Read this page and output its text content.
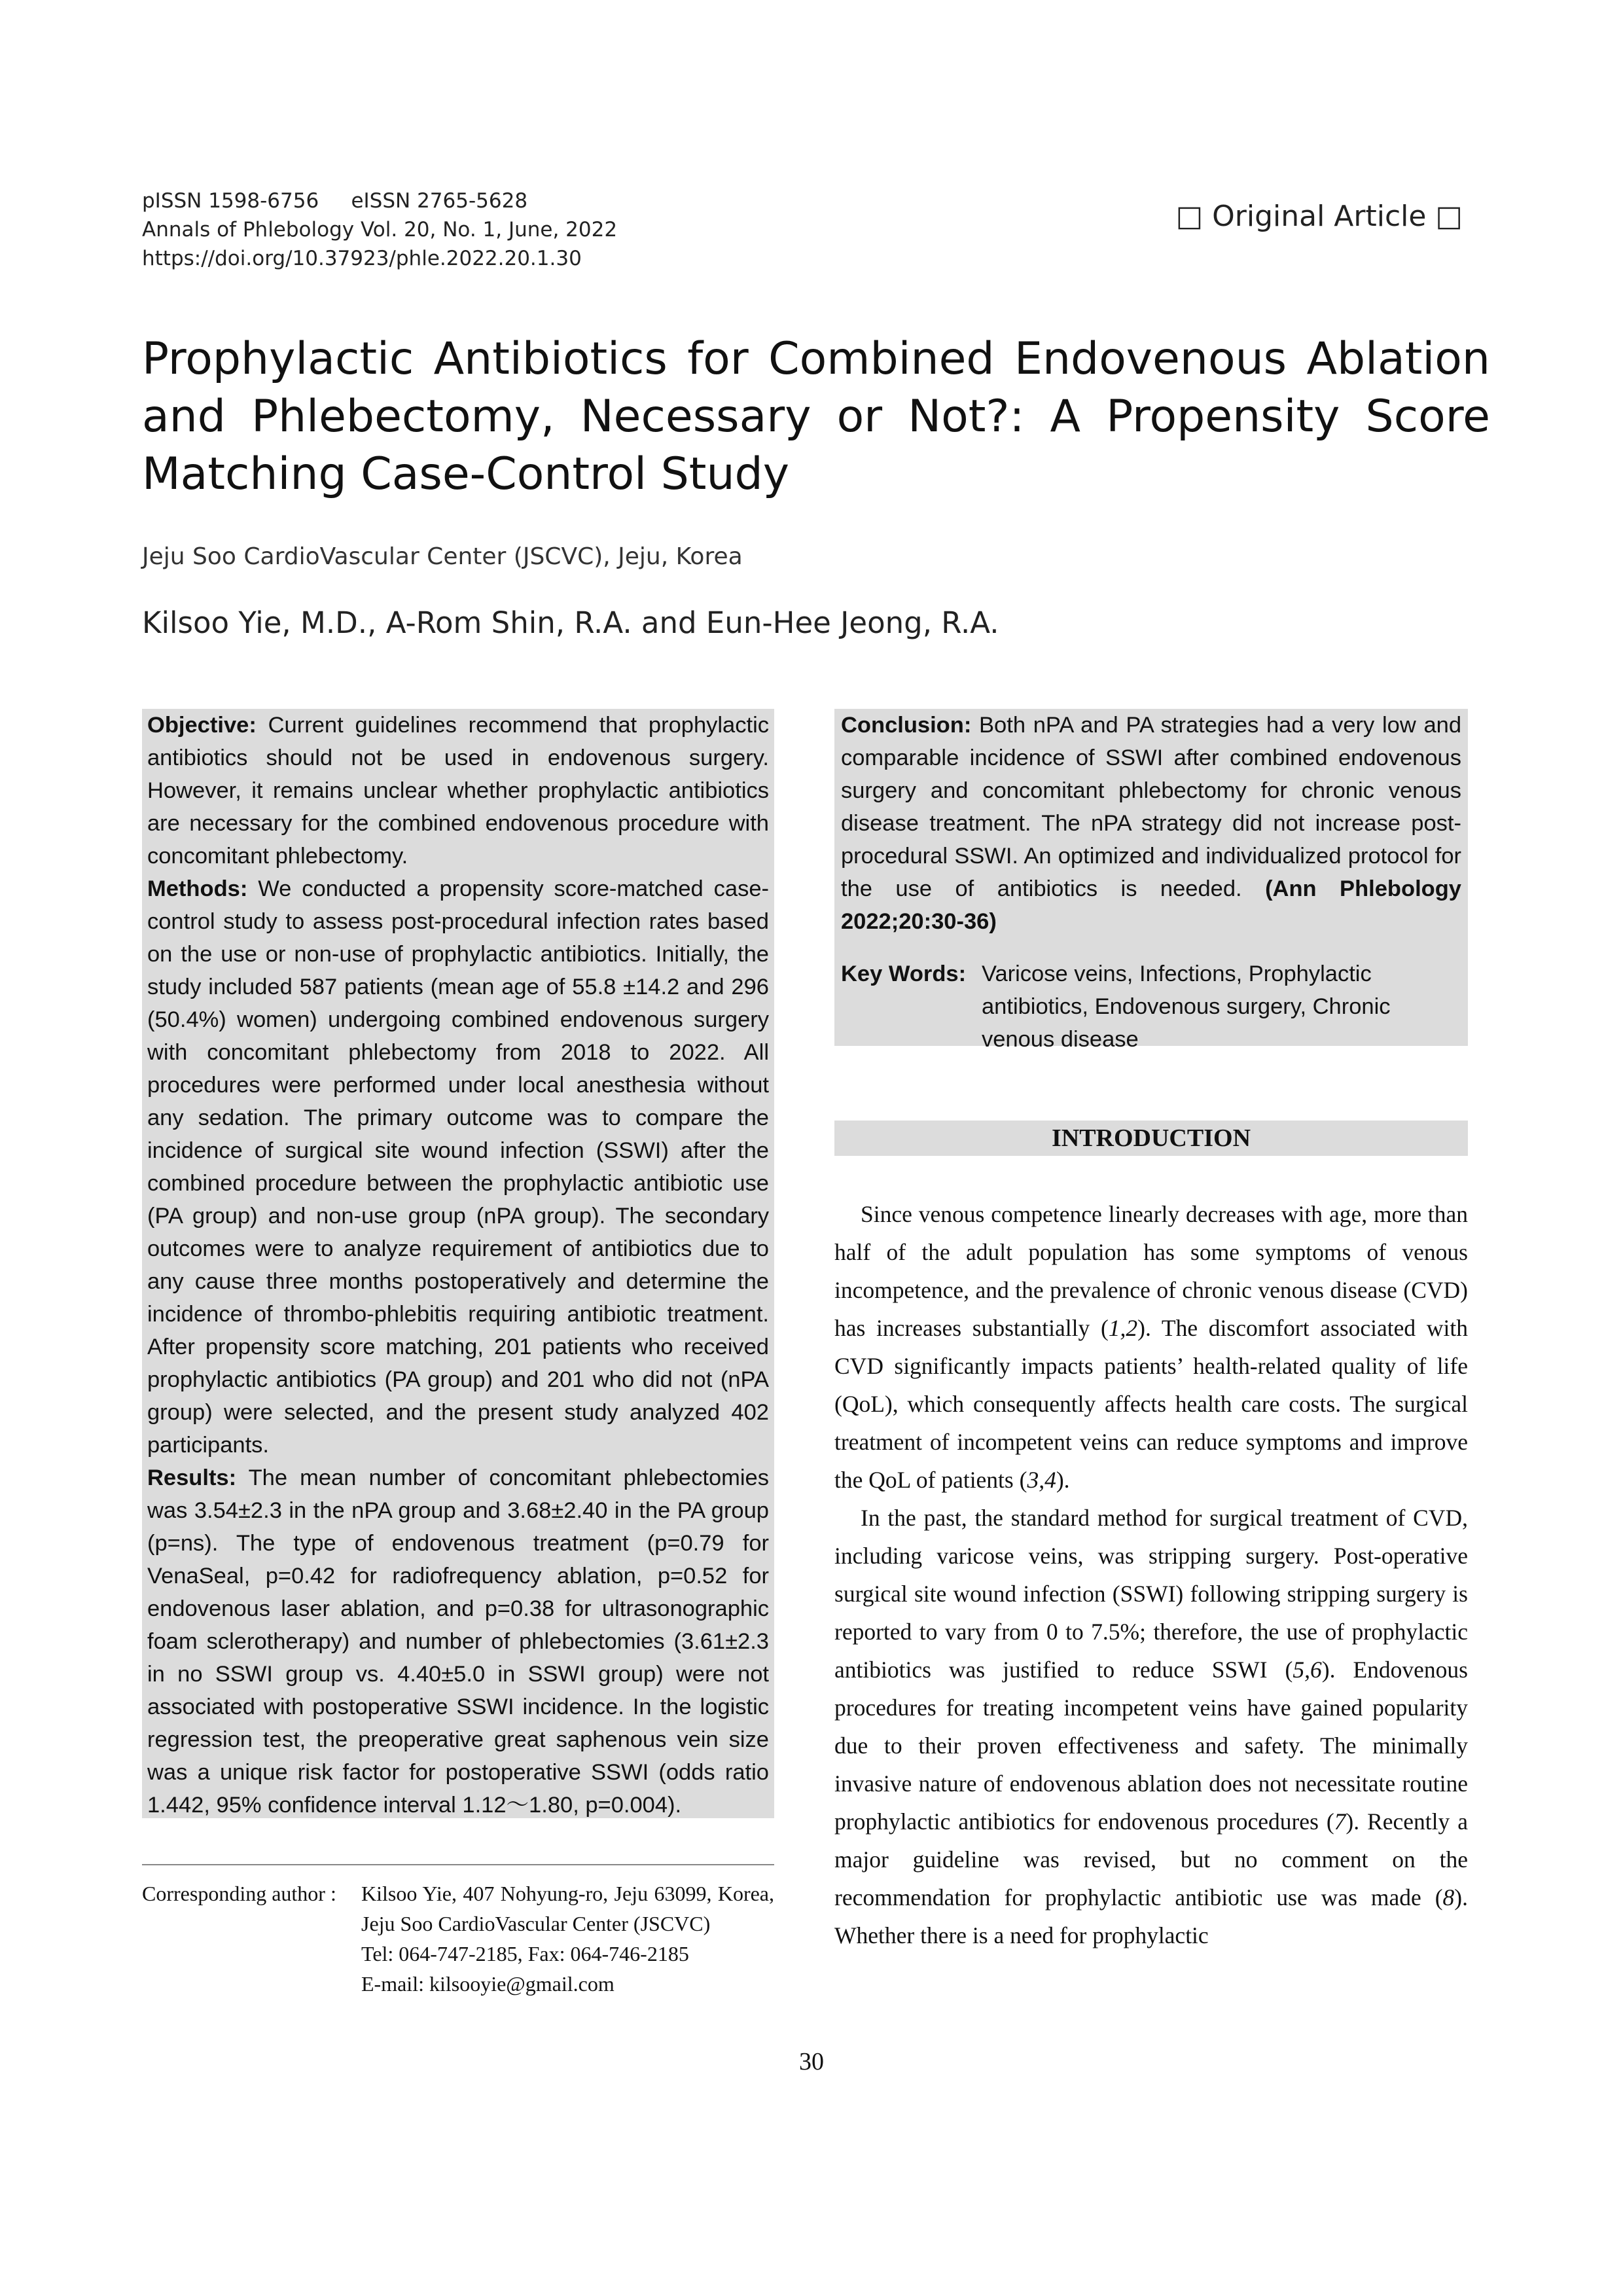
pISSN 1598-6756     eISSN 2765-5628
Annals of Phlebology Vol. 20, No. 1, June, 2022
https://doi.org/10.37923/phle.2022.20.1.30
□ Original Article □
Prophylactic Antibiotics for Combined Endovenous Ablation and Phlebectomy, Necessary or Not?: A Propensity Score Matching Case-Control Study
Jeju Soo CardioVascular Center (JSCVC), Jeju, Korea
Kilsoo Yie, M.D., A-Rom Shin, R.A. and Eun-Hee Jeong, R.A.

Objective: Current guidelines recommend that prophylactic antibiotics should not be used in endovenous surgery. However, it remains unclear whether prophylactic antibiotics are necessary for the combined endovenous procedure with concomitant phlebectomy.

Methods: We conducted a propensity score-matched case-control study to assess post-procedural infection rates based on the use or non-use of prophylactic antibiotics. Initially, the study included 587 patients (mean age of 55.8 ±14.2 and 296 (50.4%) women) undergoing combined endovenous surgery with concomitant phlebectomy from 2018 to 2022. All procedures were performed under local anesthesia without any sedation. The primary outcome was to compare the incidence of surgical site wound infection (SSWI) after the combined procedure between the prophylactic antibiotic use (PA group) and non-use group (nPA group). The secondary outcomes were to analyze requirement of antibiotics due to any cause three months postoperatively and determine the incidence of thrombo-phlebitis requiring antibiotic treatment. After propensity score matching, 201 patients who received prophylactic antibiotics (PA group) and 201 who did not (nPA group) were selected, and the present study analyzed 402 participants.

Results: The mean number of concomitant phlebectomies was 3.54±2.3 in the nPA group and 3.68±2.40 in the PA group (p=ns). The type of endovenous treatment (p=0.79 for VenaSeal, p=0.42 for radiofrequency ablation, p=0.52 for endovenous laser ablation, and p=0.38 for ultrasonographic foam sclerotherapy) and number of phlebectomies (3.61±2.3 in no SSWI group vs. 4.40±5.0 in SSWI group) were not associated with postoperative SSWI incidence. In the logistic regression test, the preoperative great saphenous vein size was a unique risk factor for postoperative SSWI (odds ratio 1.442, 95% confidence interval 1.12～1.80, p=0.004).

Conclusion: Both nPA and PA strategies had a very low and comparable incidence of SSWI after combined endovenous surgery and concomitant phlebectomy for chronic venous disease treatment. The nPA strategy did not increase post-procedural SSWI. An optimized and individualized protocol for the use of antibiotics is needed. (Ann Phlebology 2022;20:30-36)

Key Words: Varicose veins, Infections, Prophylactic antibiotics, Endovenous surgery, Chronic venous disease
INTRODUCTION

Since venous competence linearly decreases with age, more than half of the adult population has some symptoms of venous incompetence, and the prevalence of chronic venous disease (CVD) has increases substantially (1,2). The discomfort associated with CVD significantly impacts patients’ health-related quality of life (QoL), which consequently affects health care costs. The surgical treatment of incompetent veins can reduce symptoms and improve the QoL of patients (3,4).

In the past, the standard method for surgical treatment of CVD, including varicose veins, was stripping surgery. Post-operative surgical site wound infection (SSWI) following stripping surgery is reported to vary from 0 to 7.5%; therefore, the use of prophylactic antibiotics was justified to reduce SSWI (5,6). Endovenous procedures for treating incompetent veins have gained popularity due to their proven effectiveness and safety. The minimally invasive nature of endovenous ablation does not necessitate routine prophylactic antibiotics for endovenous procedures (7). Recently a major guideline was revised, but no comment on the recommendation for prophylactic antibiotic use was made (8). Whether there is a need for prophylactic

Corresponding author :	Kilsoo Yie, 407 Nohyung-ro, Jeju 63099, Korea, Jeju Soo CardioVascular Center (JSCVC)
Tel: 064-747-2185, Fax: 064-746-2185
E-mail: kilsooyie@gmail.com
30
